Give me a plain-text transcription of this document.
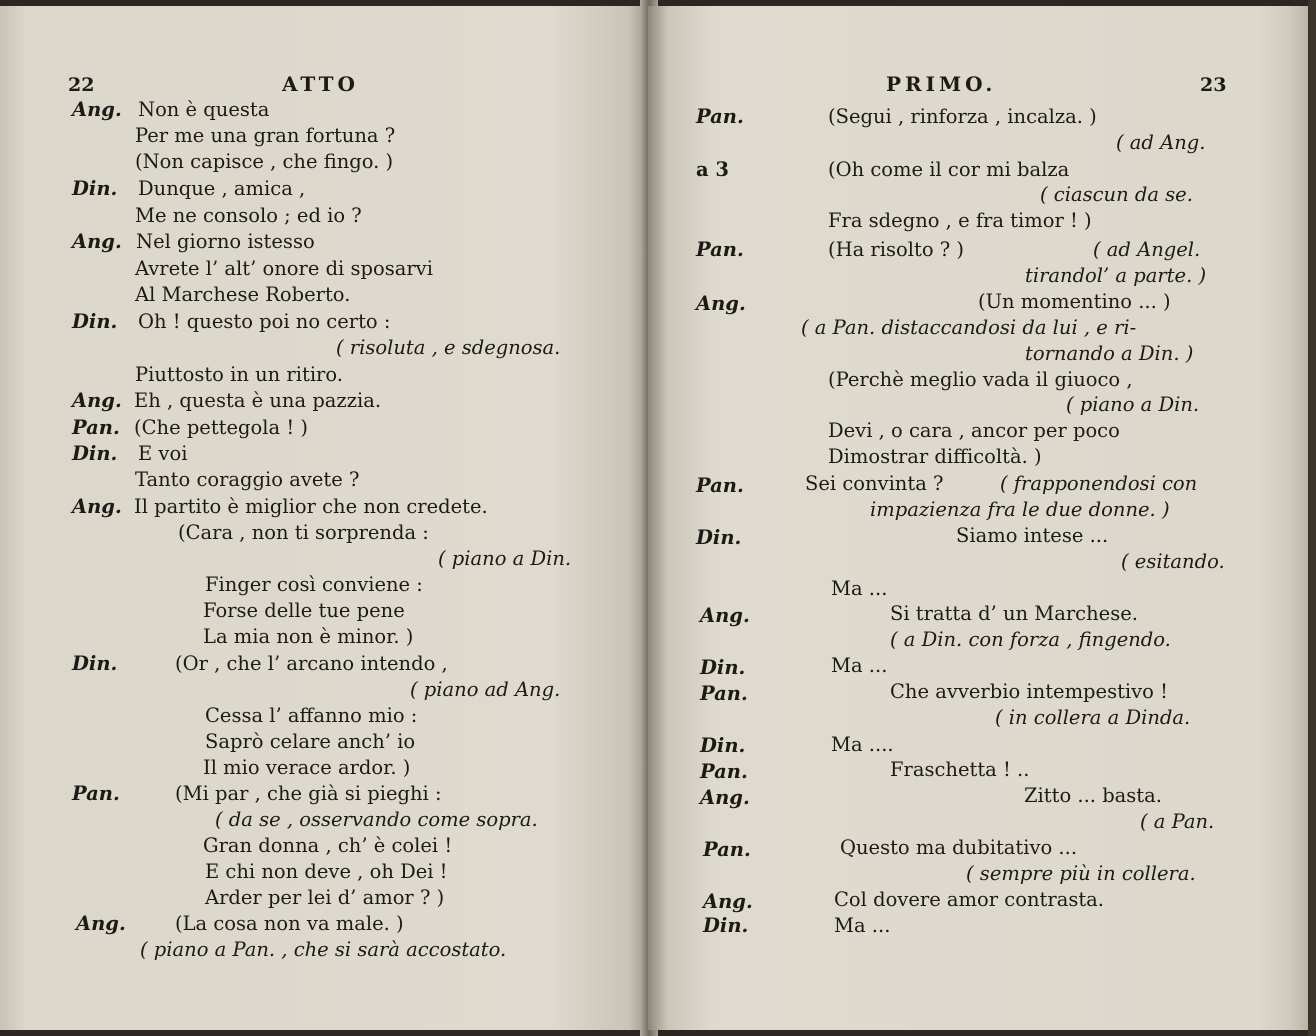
22	ATTO
Ang. Non è questa
Per me una gran fortuna ?
(Non capisce , che fingo. )
Din. Dunque , amica ,
Me ne consolo ; ed io ?
Ang. Nel giorno istesso
Avrete l’ alt’ onore di sposarvi
Al Marchese Roberto.
Din. Oh ! questo poi no certo :
( risoluta , e sdegnosa.
Piuttosto in un ritiro.
Ang. Eh , questa è una pazzia.
Pan. (Che pettegola ! )
Din. E voi
Tanto coraggio avete ?
Ang. Il partito è miglior che non credete.
(Cara , non ti sorprenda :
( piano a Din.
Finger così conviene :
Forse delle tue pene
La mia non è minor. )
Din.	(Or , che l’ arcano intendo ,
( piano ad Ang.
Cessa l’ affanno mio :
Saprò celare anch’ io
Il mio verace ardor. )
Pan.	(Mi par , che già si pieghi :
( da se , osservando come sopra.
Gran donna , ch’ è colei !
E chi non deve , oh Dei !
Arder per lei d’ amor ? )
Ang.	(La cosa non va male. )
( piano a Pan. , che si sarà accostato.
PRIMO.	23
Pan.	(Segui , rinforza , incalza. )
( ad Ang.
a 3	(Oh come il cor mi balza
( ciascun da se.
Fra sdegno , e fra timor ! )
Pan.	(Ha risolto ? )	( ad Angel.
tirandol’ a parte. )
Ang.	(Un momentino ... )
( a Pan. distaccandosi da lui , e ri-
tornando a Din. )
(Perchè meglio vada il giuoco ,
( piano a Din.
Devi , o cara , ancor per poco
Dimostrar difficoltà. )
Pan.	Sei convinta ?	( frapponendosi con
impazienza fra le due donne. )
Din.	Siamo intese ...
( esitando.
Ma ...
Ang.	Si tratta d’ un Marchese.
( a Din. con forza , fingendo.
Din.	Ma ...
Pan.	Che avverbio intempestivo !
( in collera a Dinda.
Din.	Ma ....
Pan.	Fraschetta ! ..
Ang.	Zitto ... basta.
( a Pan.
Pan.	Questo ma dubitativo ...
( sempre più in collera.
Ang.	Col dovere amor contrasta.
Din.	Ma ...
